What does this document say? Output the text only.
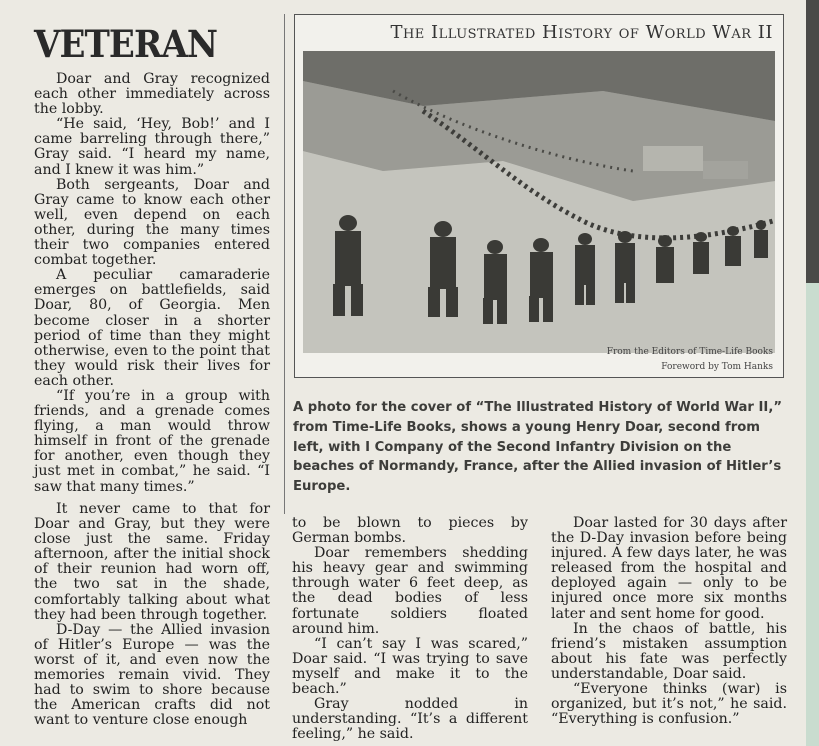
VETERAN

Doar and Gray recognized each other immediately across the lobby.

“He said, ‘Hey, Bob!’ and I came barreling through there,” Gray said. “I heard my name, and I knew it was him.”

Both sergeants, Doar and Gray came to know each other well, even depend on each other, during the many times their two companies entered combat together.

A peculiar camaraderie emerges on battlefields, said Doar, 80, of Georgia. Men become closer in a shorter period of time than they might otherwise, even to the point that they would risk their lives for each other.

“If you’re in a group with friends, and a grenade comes flying, a man would throw himself in front of the grenade for another, even though they just met in combat,” he said. “I saw that many times.”

The Illustrated History of World War II

From the Editors of Time-Life Books

Foreword by Tom Hanks

A photo for the cover of “The Illustrated History of World War II,” from Time-Life Books, shows a young Henry Doar, second from left, with I Company of the Second Infantry Division on the beaches of Normandy, France, after the Allied invasion of Hitler’s Europe.

It never came to that for Doar and Gray, but they were close just the same. Friday afternoon, after the initial shock of their reunion had worn off, the two sat in the shade, comfortably talking about what they had been through together.

D-Day — the Allied invasion of Hitler’s Europe — was the worst of it, and even now the memories remain vivid. They had to swim to shore because the American crafts did not want to venture close enough

to be blown to pieces by German bombs.

Doar remembers shedding his heavy gear and swimming through water 6 feet deep, as the dead bodies of less fortunate soldiers floated around him.

“I can’t say I was scared,” Doar said. “I was trying to save myself and make it to the beach.”

Gray nodded in understanding. “It’s a different feeling,” he said.

Doar lasted for 30 days after the D-Day invasion before being injured. A few days later, he was released from the hospital and deployed again — only to be injured once more six months later and sent home for good.

In the chaos of battle, his friend’s mistaken assumption about his fate was perfectly understandable, Doar said.

“Everyone thinks (war) is organized, but it’s not,” he said. “Everything is confusion.”
